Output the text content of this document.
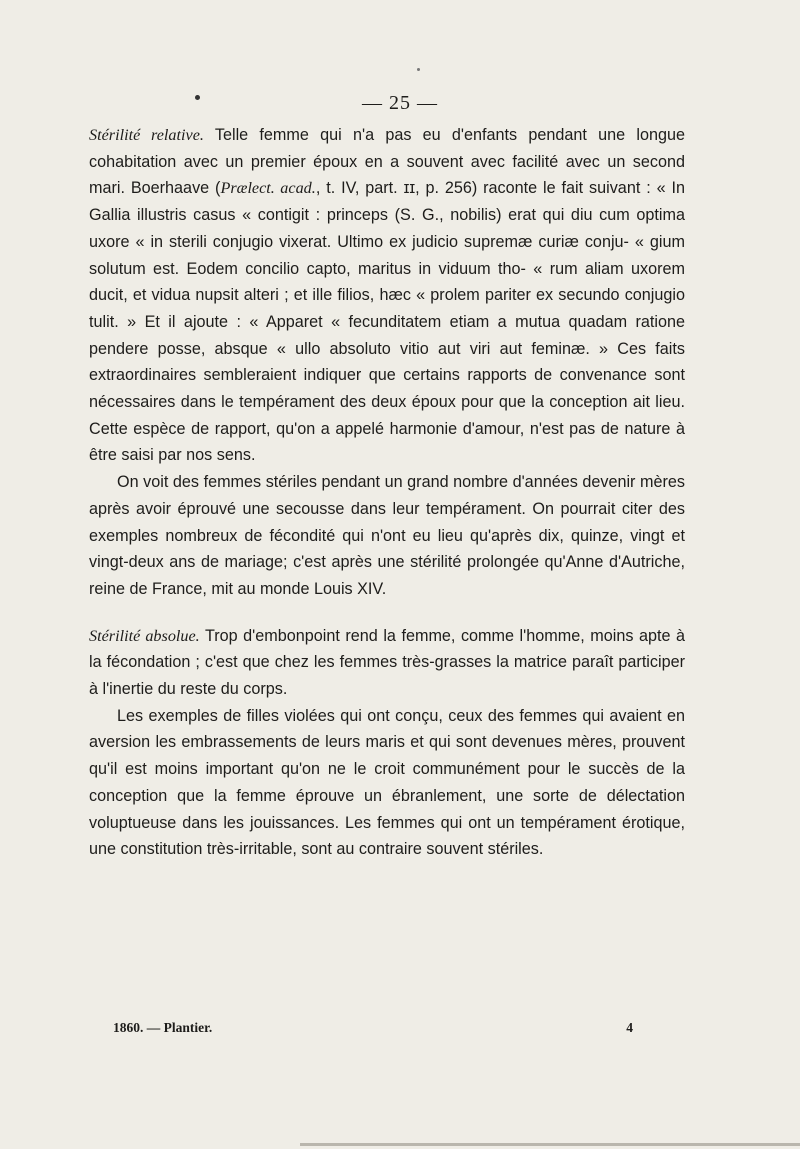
— 25 —

Stérilité relative. Telle femme qui n'a pas eu d'enfants pendant une longue cohabitation avec un premier époux en a souvent avec facilité avec un second mari. Boerhaave (Prælect. acad., t. IV, part. ɪɪ, p. 256) raconte le fait suivant : « In Gallia illustris casus « contigit : princeps (S. G., nobilis) erat qui diu cum optima uxore « in sterili conjugio vixerat. Ultimo ex judicio supremæ curiæ conju- « gium solutum est. Eodem concilio capto, maritus in viduum tho- « rum aliam uxorem ducit, et vidua nupsit alteri ; et ille filios, hæc « prolem pariter ex secundo conjugio tulit. » Et il ajoute : « Apparet « fecunditatem etiam a mutua quadam ratione pendere posse, absque « ullo absoluto vitio aut viri aut feminæ. » Ces faits extraordinaires sembleraient indiquer que certains rapports de convenance sont nécessaires dans le tempérament des deux époux pour que la conception ait lieu. Cette espèce de rapport, qu'on a appelé harmonie d'amour, n'est pas de nature à être saisi par nos sens.

On voit des femmes stériles pendant un grand nombre d'années devenir mères après avoir éprouvé une secousse dans leur tempérament. On pourrait citer des exemples nombreux de fécondité qui n'ont eu lieu qu'après dix, quinze, vingt et vingt-deux ans de mariage; c'est après une stérilité prolongée qu'Anne d'Autriche, reine de France, mit au monde Louis XIV.

Stérilité absolue. Trop d'embonpoint rend la femme, comme l'homme, moins apte à la fécondation ; c'est que chez les femmes très-grasses la matrice paraît participer à l'inertie du reste du corps.

Les exemples de filles violées qui ont conçu, ceux des femmes qui avaient en aversion les embrassements de leurs maris et qui sont devenues mères, prouvent qu'il est moins important qu'on ne le croit communément pour le succès de la conception que la femme éprouve un ébranlement, une sorte de délectation voluptueuse dans les jouissances. Les femmes qui ont un tempérament érotique, une constitution très-irritable, sont au contraire souvent stériles.

1860. — Plantier.	4
